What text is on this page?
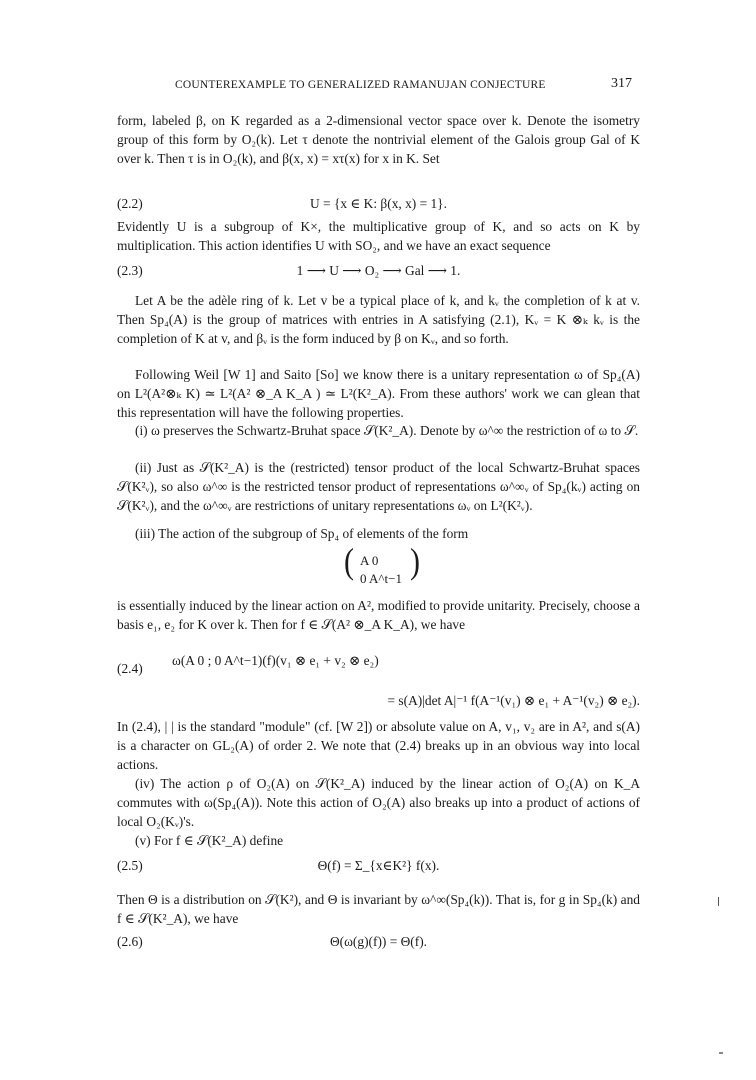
COUNTEREXAMPLE TO GENERALIZED RAMANUJAN CONJECTURE	317

form, labeled β, on K regarded as a 2-dimensional vector space over k. Denote the isometry group of this form by O₂(k). Let τ denote the nontrivial element of the Galois group Gal of K over k. Then τ is in O₂(k), and β(x, x) = xτ(x) for x in K. Set

(2.2)	U = {x ∈ K: β(x, x) = 1}.

Evidently U is a subgroup of K×, the multiplicative group of K, and so acts on K by multiplication. This action identifies U with SO₂, and we have an exact sequence

(2.3)	1 ⟶ U ⟶ O₂ ⟶ Gal ⟶ 1.

Let A be the adèle ring of k. Let v be a typical place of k, and kᵥ the completion of k at v. Then Sp₄(A) is the group of matrices with entries in A satisfying (2.1), Kᵥ = K ⊗ₖ kᵥ is the completion of K at v, and βᵥ is the form induced by β on Kᵥ, and so forth.

Following Weil [W 1] and Saito [So] we know there is a unitary representation ω of Sp₄(A) on L²(A²⊗ₖ K) ≃ L²(A² ⊗_A K_A ) ≃ L²(K²_A). From these authors' work we can glean that this representation will have the following properties.

(i) ω preserves the Schwartz-Bruhat space 𝒮(K²_A). Denote by ω^∞ the restriction of ω to 𝒮.

(ii) Just as 𝒮(K²_A) is the (restricted) tensor product of the local Schwartz-Bruhat spaces 𝒮(K²ᵥ), so also ω^∞ is the restricted tensor product of representations ω^∞ᵥ of Sp₄(kᵥ) acting on 𝒮(K²ᵥ), and the ω^∞ᵥ are restrictions of unitary representations ωᵥ on L²(K²ᵥ).

(iii) The action of the subgroup of Sp₄ of elements of the form

( A 0
0 A^t−1 )

is essentially induced by the linear action on A², modified to provide unitarity. Precisely, choose a basis e₁, e₂ for K over k. Then for f ∈ 𝒮(A² ⊗_A K_A), we have

(2.4)
ω(A 0 ; 0 A^t−1)(f)(v₁ ⊗ e₁ + v₂ ⊗ e₂)
= s(A)|det A|⁻¹ f(A⁻¹(v₁) ⊗ e₁ + A⁻¹(v₂) ⊗ e₂).

In (2.4), | | is the standard "module" (cf. [W 2]) or absolute value on A, v₁, v₂ are in A², and s(A) is a character on GL₂(A) of order 2. We note that (2.4) breaks up in an obvious way into local actions.

(iv) The action ρ of O₂(A) on 𝒮(K²_A) induced by the linear action of O₂(A) on K_A commutes with ω(Sp₄(A)). Note this action of O₂(A) also breaks up into a product of actions of local O₂(Kᵥ)'s.

(v) For f ∈ 𝒮(K²_A) define

(2.5)	Θ(f) = Σ_{x∈K²} f(x).

Then Θ is a distribution on 𝒮(K²), and Θ is invariant by ω^∞(Sp₄(k)). That is, for g in Sp₄(k) and f ∈ 𝒮(K²_A), we have

(2.6)	Θ(ω(g)(f)) = Θ(f).
